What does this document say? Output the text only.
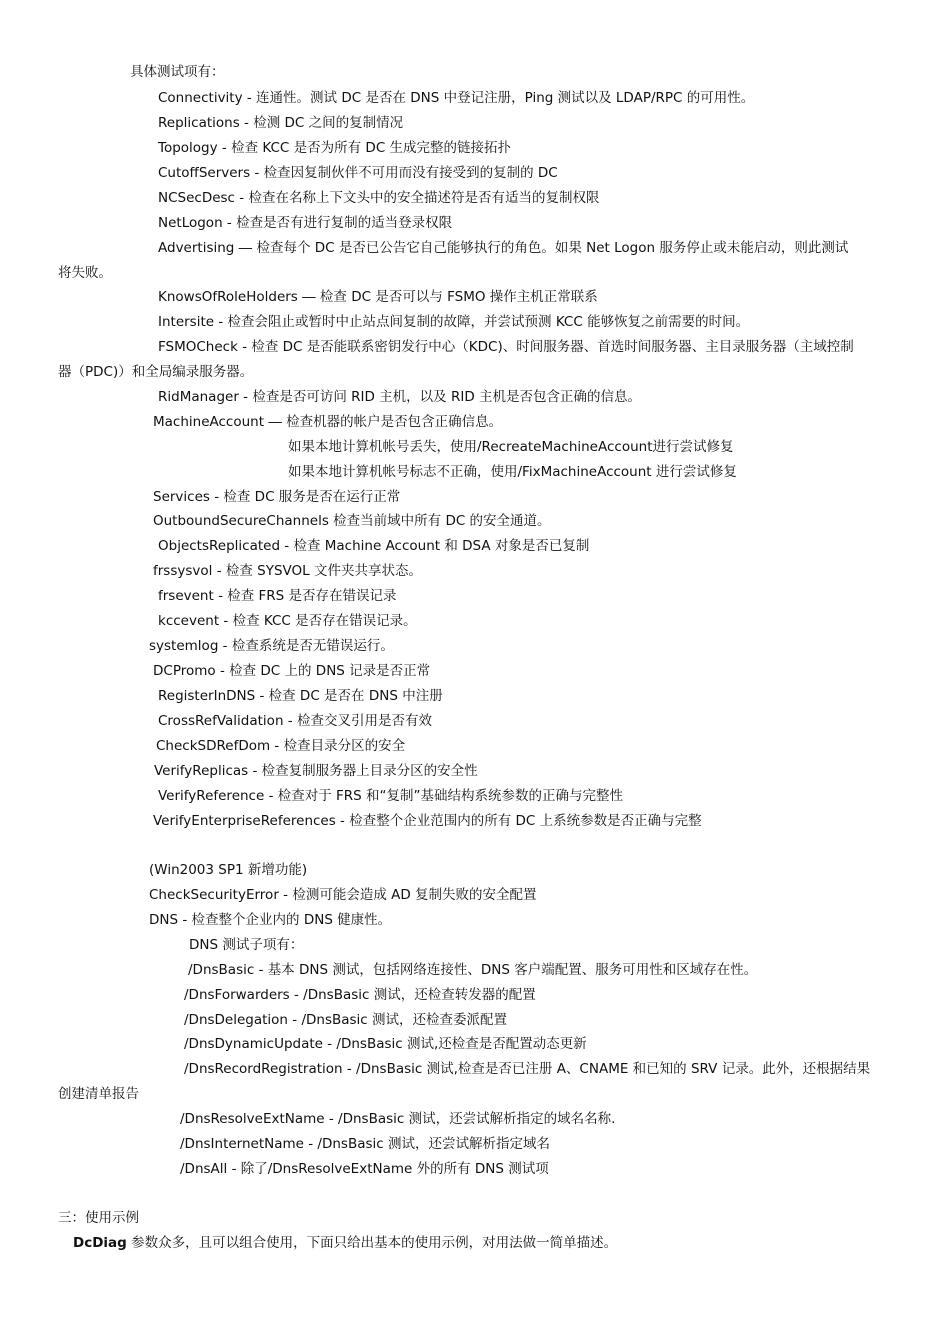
具体测试项有：
Connectivity - 连通性。测试 DC 是否在 DNS 中登记注册，Ping 测试以及 LDAP/RPC 的可用性。
Replications - 检测 DC 之间的复制情况
Topology - 检查 KCC 是否为所有 DC 生成完整的链接拓扑
CutoffServers - 检查因复制伙伴不可用而没有接受到的复制的 DC
NCSecDesc - 检查在名称上下文头中的安全描述符是否有适当的复制权限
NetLogon - 检查是否有进行复制的适当登录权限
Advertising ― 检查每个 DC 是否已公告它自己能够执行的角色。如果 Net Logon 服务停止或未能启动，则此测试
将失败。
KnowsOfRoleHolders ― 检查 DC 是否可以与 FSMO 操作主机正常联系
Intersite - 检查会阻止或暂时中止站点间复制的故障，并尝试预测 KCC 能够恢复之前需要的时间。
FSMOCheck - 检查 DC 是否能联系密钥发行中心（KDC)、时间服务器、首选时间服务器、主目录服务器（主域控制
器（PDC)）和全局编录服务器。
RidManager - 检查是否可访问 RID 主机，以及 RID 主机是否包含正确的信息。
MachineAccount ― 检查机器的帐户是否包含正确信息。
如果本地计算机帐号丢失，使用/RecreateMachineAccount进行尝试修复
如果本地计算机帐号标志不正确，使用/FixMachineAccount 进行尝试修复
Services - 检查 DC 服务是否在运行正常
OutboundSecureChannels 检查当前域中所有 DC 的安全通道。
ObjectsReplicated - 检查 Machine Account 和 DSA 对象是否已复制
frssysvol - 检查 SYSVOL 文件夹共享状态。
frsevent - 检查 FRS 是否存在错误记录
kccevent - 检查 KCC 是否存在错误记录。
systemlog - 检查系统是否无错误运行。
DCPromo - 检查 DC 上的 DNS 记录是否正常
RegisterInDNS - 检查 DC 是否在 DNS 中注册
CrossRefValidation - 检查交叉引用是否有效
CheckSDRefDom - 检查目录分区的安全
VerifyReplicas - 检查复制服务器上目录分区的安全性
VerifyReference - 检查对于 FRS 和“复制”基础结构系统参数的正确与完整性
VerifyEnterpriseReferences - 检查整个企业范围内的所有 DC 上系统参数是否正确与完整
(Win2003 SP1 新增功能)
CheckSecurityError - 检测可能会造成 AD 复制失败的安全配置
DNS - 检查整个企业内的 DNS 健康性。
DNS 测试子项有：
/DnsBasic - 基本 DNS 测试，包括网络连接性、DNS 客户端配置、服务可用性和区域存在性。
/DnsForwarders - /DnsBasic 测试，还检查转发器的配置
/DnsDelegation - /DnsBasic 测试，还检查委派配置
/DnsDynamicUpdate - /DnsBasic 测试,还检查是否配置动态更新
/DnsRecordRegistration - /DnsBasic 测试,检查是否已注册 A、CNAME 和已知的 SRV 记录。此外，还根据结果
创建清单报告
/DnsResolveExtName - /DnsBasic 测试，还尝试解析指定的域名名称.
/DnsInternetName - /DnsBasic 测试，还尝试解析指定域名
/DnsAll - 除了/DnsResolveExtName 外的所有 DNS 测试项
三：使用示例
DcDiag 参数众多，且可以组合使用，下面只给出基本的使用示例，对用法做一简单描述。
